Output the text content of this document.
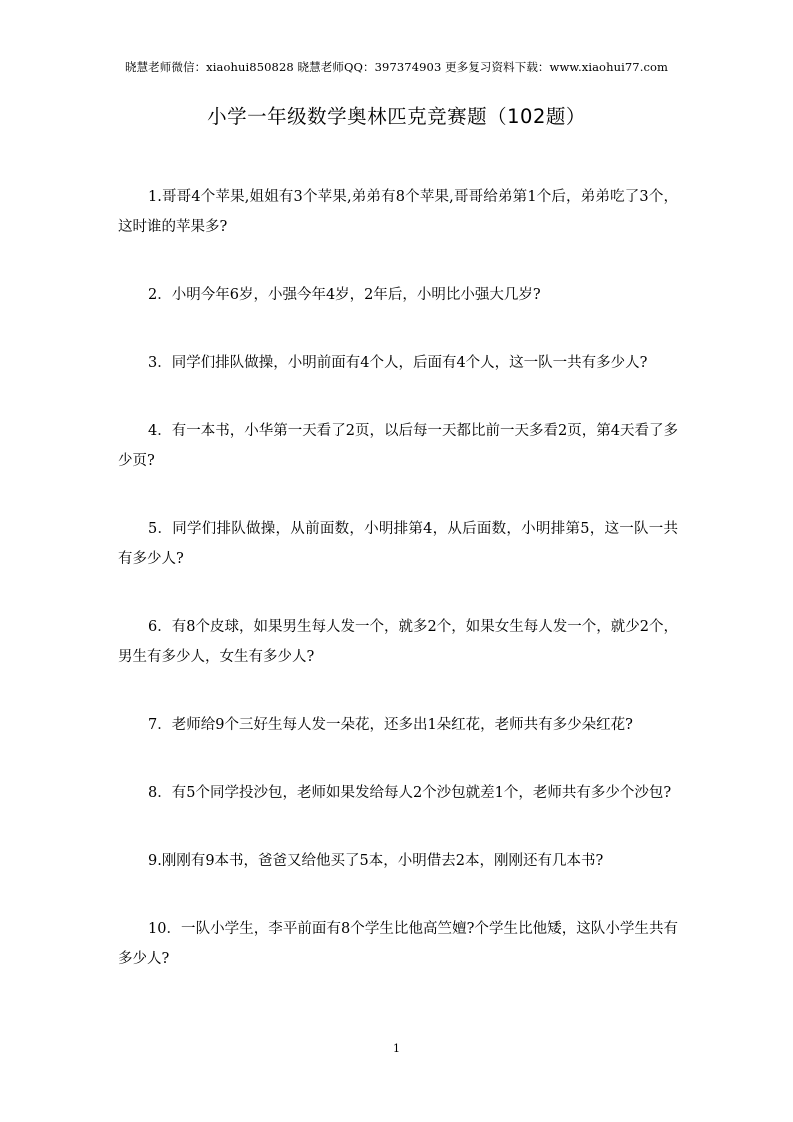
晓慧老师微信：xiaohui850828 晓慧老师QQ：397374903 更多复习资料下载：www.xiaohui77.com
小学一年级数学奥林匹克竞赛题（102题）

1.哥哥4个苹果,姐姐有3个苹果,弟弟有8个苹果,哥哥给弟第1个后，弟弟吃了3个，这时谁的苹果多?

2．小明今年6岁，小强今年4岁，2年后，小明比小强大几岁?

3．同学们排队做操，小明前面有4个人，后面有4个人，这一队一共有多少人?

4．有一本书，小华第一天看了2页，以后每一天都比前一天多看2页，第4天看了多少页?

5．同学们排队做操，从前面数，小明排第4，从后面数，小明排第5，这一队一共有多少人?

6．有8个皮球，如果男生每人发一个，就多2个，如果女生每人发一个，就少2个，男生有多少人，女生有多少人?

7．老师给9个三好生每人发一朵花，还多出1朵红花，老师共有多少朵红花?

8．有5个同学投沙包，老师如果发给每人2个沙包就差1个，老师共有多少个沙包?

9.刚刚有9本书，爸爸又给他买了5本，小明借去2本，刚刚还有几本书?

10．一队小学生，李平前面有8个学生比他高竺嬗?个学生比他矮，这队小学生共有多少人?

1
